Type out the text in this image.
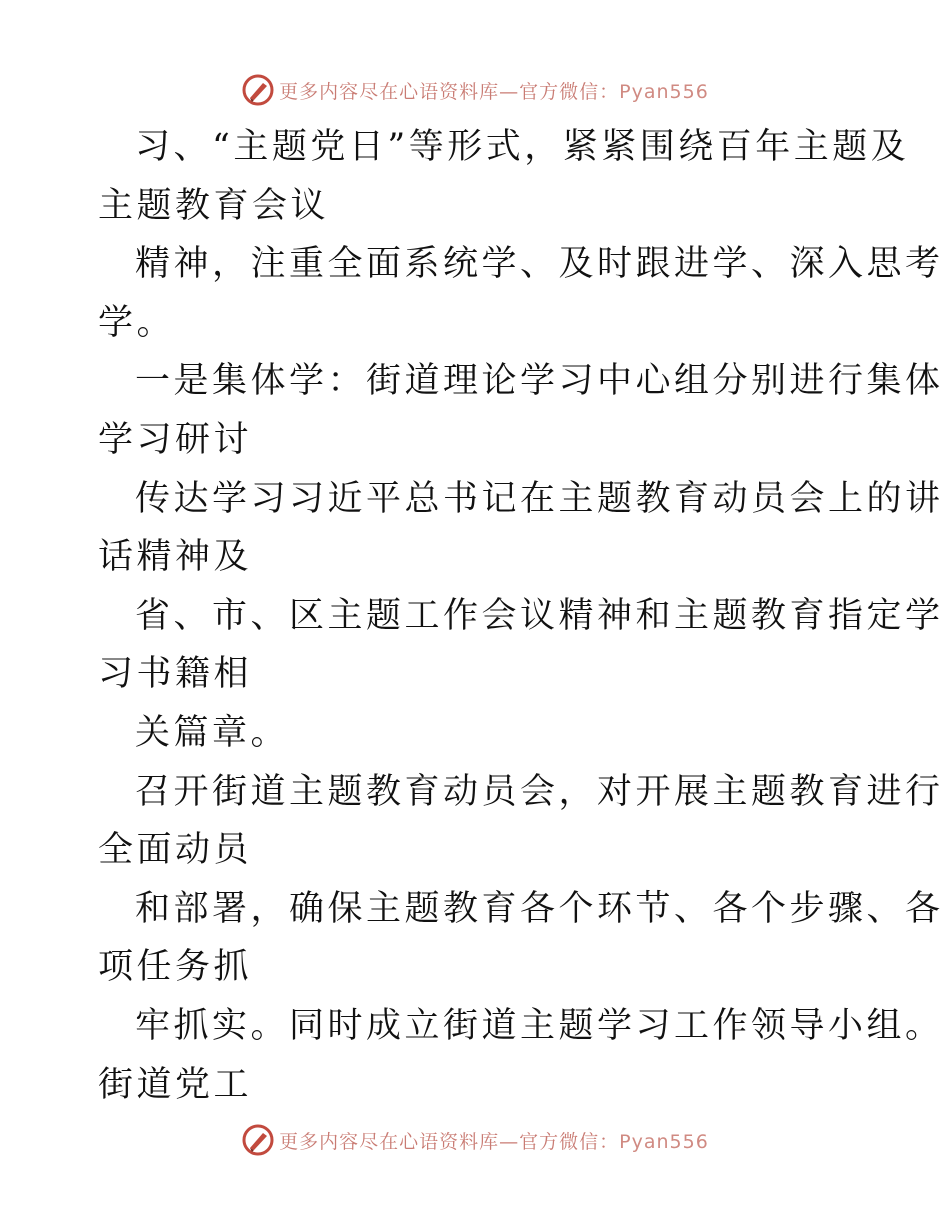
更多内容尽在心语资料库—官方微信：Pyan556
习、“主题党日”等形式，紧紧围绕百年主题及
主题教育会议
精神，注重全面系统学、及时跟进学、深入思考
学。
一是集体学：街道理论学习中心组分别进行集体
学习研讨
传达学习习近平总书记在主题教育动员会上的讲
话精神及
省、市、区主题工作会议精神和主题教育指定学
习书籍相
关篇章。
召开街道主题教育动员会，对开展主题教育进行
全面动员
和部署，确保主题教育各个环节、各个步骤、各
项任务抓
牢抓实。同时成立街道主题学习工作领导小组。
街道党工
更多内容尽在心语资料库—官方微信：Pyan556
